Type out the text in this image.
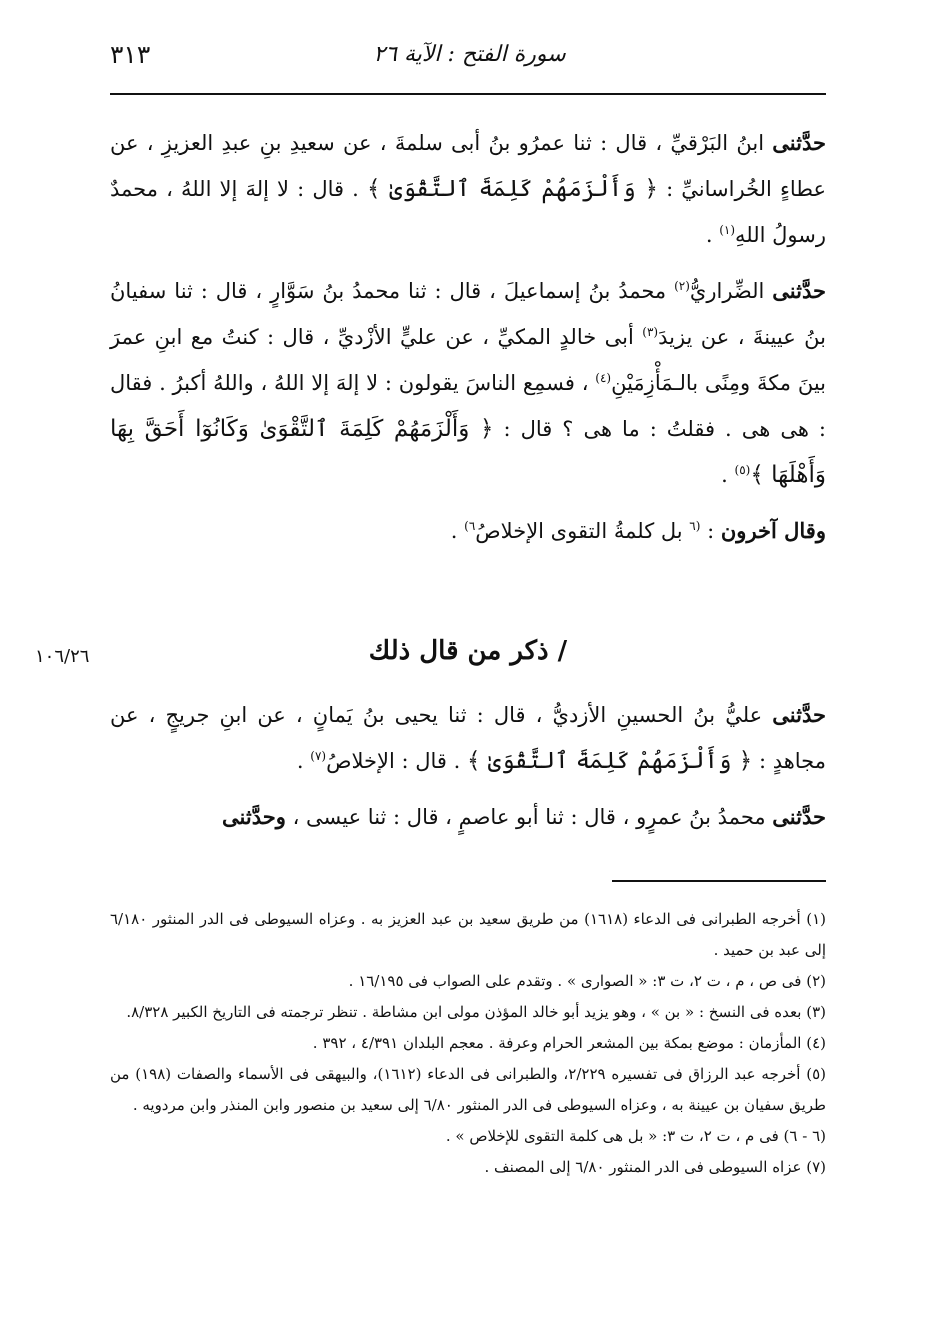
سورة الفتح : الآية ٢٦
٣١٣

حدَّثنى ابنُ البَرْقيِّ ، قال : ثنا عمرُو بنُ أبى سلمةَ ، عن سعيدِ بنِ عبدِ العزيزِ ، عن عطاءٍ الخُراسانيِّ : ﴿ وَأَلْزَمَهُمْ كَلِمَةَ ٱلتَّقْوَىٰ ﴾ . قال : لا إلهَ إلا اللهُ ، محمدٌ رسولُ اللهِ$^{(١)}$ .

حدَّثنى الضِّراريُّ$^{(٢)}$ محمدُ بنُ إسماعيلَ ، قال : ثنا محمدُ بنُ سَوَّارٍ ، قال : ثنا سفيانُ بنُ عيينةَ ، عن يزيدَ$^{(٣)}$ أبى خالدٍ المكيِّ ، عن عليٍّ الأزْديِّ ، قال : كنتُ مع ابنِ عمرَ بينَ مكةَ ومِنًى بالـمَأْزِمَيْنِ$^{(٤)}$ ، فسمِع الناسَ يقولون : لا إلهَ إلا اللهُ ، واللهُ أكبرُ . فقال : هى هى . فقلتُ : ما هى ؟ قال : ﴿ وَأَلْزَمَهُمْ كَلِمَةَ ٱلتَّقْوَىٰ وَكَانُوٓا أَحَقَّ بِهَا وَأَهْلَهَا ﴾$^{(٥)}$ .

وقال آخرون : $^{(٦}$ بل كلمةُ التقوى الإخلاصُ$^{٦)}$ .

/ ذكر من قال ذلك
١٠٦/٢٦

حدَّثنى عليُّ بنُ الحسينِ الأزديُّ ، قال : ثنا يحيى بنُ يَمانٍ ، عن ابنِ جريجٍ ، عن مجاهدٍ : ﴿ وَأَلْزَمَهُمْ كَلِمَةَ ٱلتَّقْوَىٰ ﴾ . قال : الإخلاصُ$^{(٧)}$ .

حدَّثنى محمدُ بنُ عمرٍو ، قال : ثنا أبو عاصمٍ ، قال : ثنا عيسى ، وحدَّثنى

(١) أخرجه الطبرانى فى الدعاء (١٦١٨) من طريق سعيد بن عبد العزيز به . وعزاه السيوطى فى الدر المنثور ٦/١٨٠ إلى عبد بن حميد .

(٢) فى ص ، م ، ت ٢، ت ٣: « الصوارى » . وتقدم على الصواب فى ١٦/١٩٥ .

(٣) بعده فى النسخ : « بن » ، وهو يزيد أبو خالد المؤذن مولى ابن مشاطة . تنظر ترجمته فى التاريخ الكبير ٨/٣٢٨.

(٤) المأزمان : موضع بمكة بين المشعر الحرام وعرفة . معجم البلدان ٤/٣٩١ ، ٣٩٢ .

(٥) أخرجه عبد الرزاق فى تفسيره ٢/٢٢٩، والطبرانى فى الدعاء (١٦١٢)، والبيهقى فى الأسماء والصفات (١٩٨) من طريق سفيان بن عيينة به ، وعزاه السيوطى فى الدر المنثور ٦/٨٠ إلى سعيد بن منصور وابن المنذر وابن مردويه .

(٦ - ٦) فى م ، ت ٢، ت ٣: « بل هى كلمة التقوى للإخلاص » .

(٧) عزاه السيوطى فى الدر المنثور ٦/٨٠ إلى المصنف .
